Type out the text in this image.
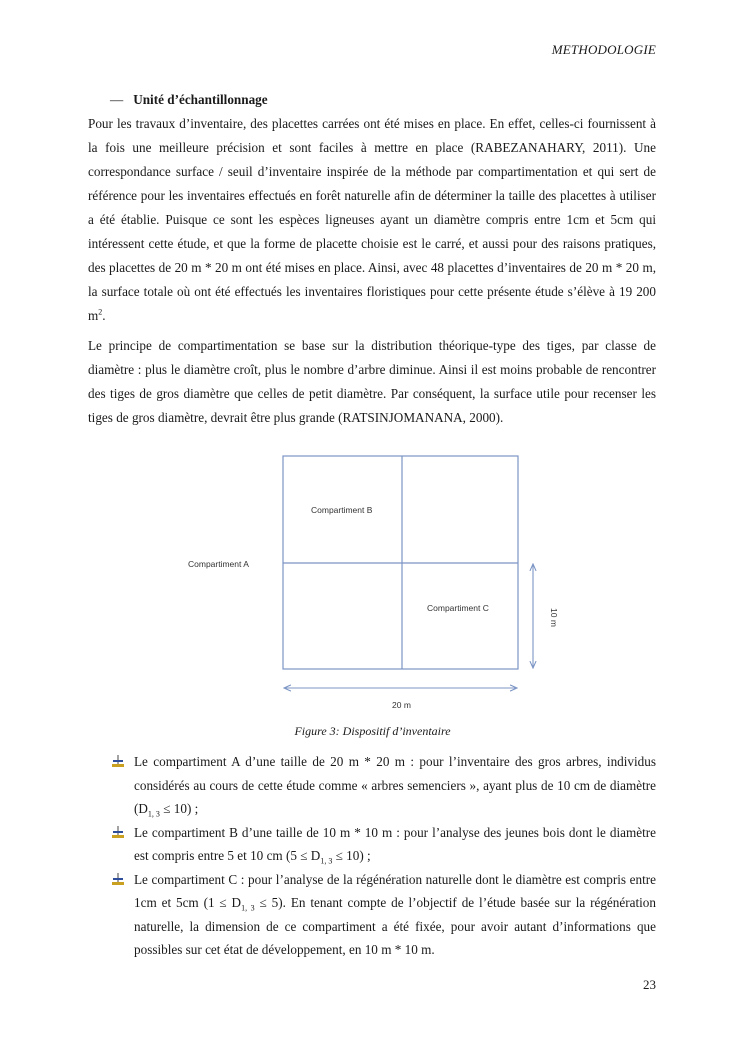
METHODOLOGIE
— Unité d’échantillonnage

Pour les travaux d’inventaire, des placettes carrées ont été mises en place. En effet, celles-ci fournissent à la fois une meilleure précision et sont faciles à mettre en place (RABEZANAHARY, 2011). Une correspondance surface / seuil d’inventaire inspirée de la méthode par compartimentation et qui sert de référence pour les inventaires effectués en forêt naturelle afin de déterminer la taille des placettes à utiliser a été établie. Puisque ce sont les espèces ligneuses ayant un diamètre compris entre 1cm et 5cm qui intéressent cette étude, et que la forme de placette choisie est le carré, et aussi pour des raisons pratiques, des placettes de 20 m * 20 m ont été mises en place. Ainsi, avec 48 placettes d’inventaires de 20 m * 20 m, la surface totale où ont été effectués les inventaires floristiques pour cette présente étude s’élève à 19 200 $m^2$.

Le principe de compartimentation se base sur la distribution théorique-type des tiges, par classe de diamètre : plus le diamètre croît, plus le nombre d’arbre diminue. Ainsi il est moins probable de rencontrer des tiges de gros diamètre que celles de petit diamètre. Par conséquent, la surface utile pour recenser les tiges de gros diamètre, devrait être plus grande (RATSINJOMANANA, 2000).

Compartiment A
Compartiment B
Compartiment C	10 m
20 m
Figure 3: Dispositif d’inventaire
Le compartiment A d’une taille de 20 m * 20 m : pour l’inventaire des gros arbres, individus considérés au cours de cette étude comme « arbres semenciers », ayant plus de 10 cm de diamètre $(D_{1, 3} \le 10)$ ;
Le compartiment B d’une taille de 10 m * 10 m : pour l’analyse des jeunes bois dont le diamètre est compris entre 5 et 10 cm $(5 \le D_{1, 3} \le 10)$ ;
Le compartiment C : pour l’analyse de la régénération naturelle dont le diamètre est compris entre 1cm et 5cm $(1 \le D_{1, 3} \le 5)$. En tenant compte de l’objectif de l’étude basée sur la régénération naturelle, la dimension de ce compartiment a été fixée, pour avoir autant d’informations que possibles sur cet état de développement, en 10 m * 10 m.
23
